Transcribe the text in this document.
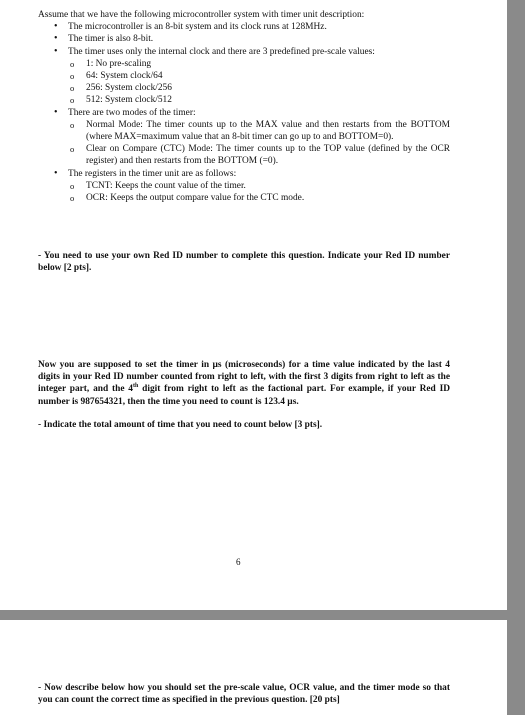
Assume that we have the following microcontroller system with timer unit description:

• The microcontroller is an 8-bit system and its clock runs at 128MHz.
• The timer is also 8-bit.
• The timer uses only the internal clock and there are 3 predefined pre-scale values:
o 1: No pre-scaling
o 64: System clock/64
o 256: System clock/256
o 512: System clock/512
• There are two modes of the timer:
o Normal Mode: The timer counts up to the MAX value and then restarts from the BOTTOM (where MAX=maximum value that an 8-bit timer can go up to and BOTTOM=0).
o Clear on Compare (CTC) Mode: The timer counts up to the TOP value (defined by the OCR register) and then restarts from the BOTTOM (=0).
• The registers in the timer unit are as follows:
o TCNT: Keeps the count value of the timer.
o OCR: Keeps the output compare value for the CTC mode.

- You need to use your own Red ID number to complete this question. Indicate your Red ID number below [2 pts].

Now you are supposed to set the timer in µs (microseconds) for a time value indicated by the last 4 digits in your Red ID number counted from right to left, with the first 3 digits from right to left as the integer part, and the 4th digit from right to left as the factional part. For example, if your Red ID number is 987654321, then the time you need to count is 123.4 µs.

- Indicate the total amount of time that you need to count below [3 pts].

6

- Now describe below how you should set the pre-scale value, OCR value, and the timer mode so that you can count the correct time as specified in the previous question. [20 pts]
